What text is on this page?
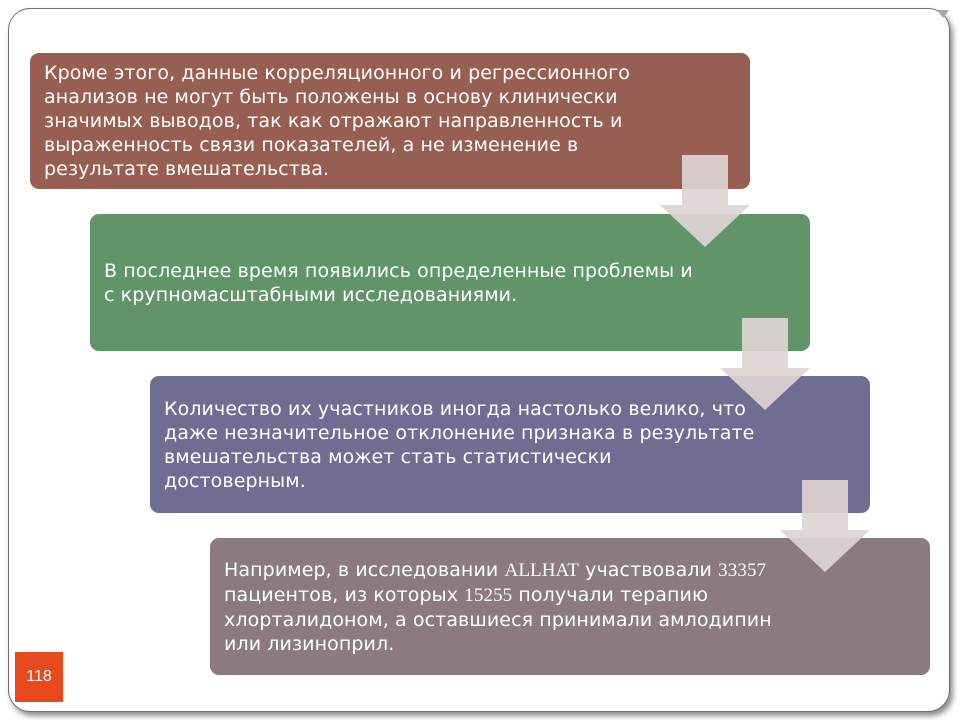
Кроме этого, данные корреляционного и регрессионного
анализов не могут быть положены в основу клинически
значимых выводов, так как отражают направленность и
выраженность связи показателей, а не изменение в
результате вмешательства.
В последнее время появились определенные проблемы и
с крупномасштабными исследованиями.
Количество их участников иногда настолько велико, что
даже незначительное отклонение признака в результате
вмешательства может стать статистически
достоверным.
Например, в исследовании ALLHAT участвовали 33357
пациентов, из которых 15255 получали терапию
хлорталидоном, а оставшиеся принимали амлодипин
или лизиноприл.
118
